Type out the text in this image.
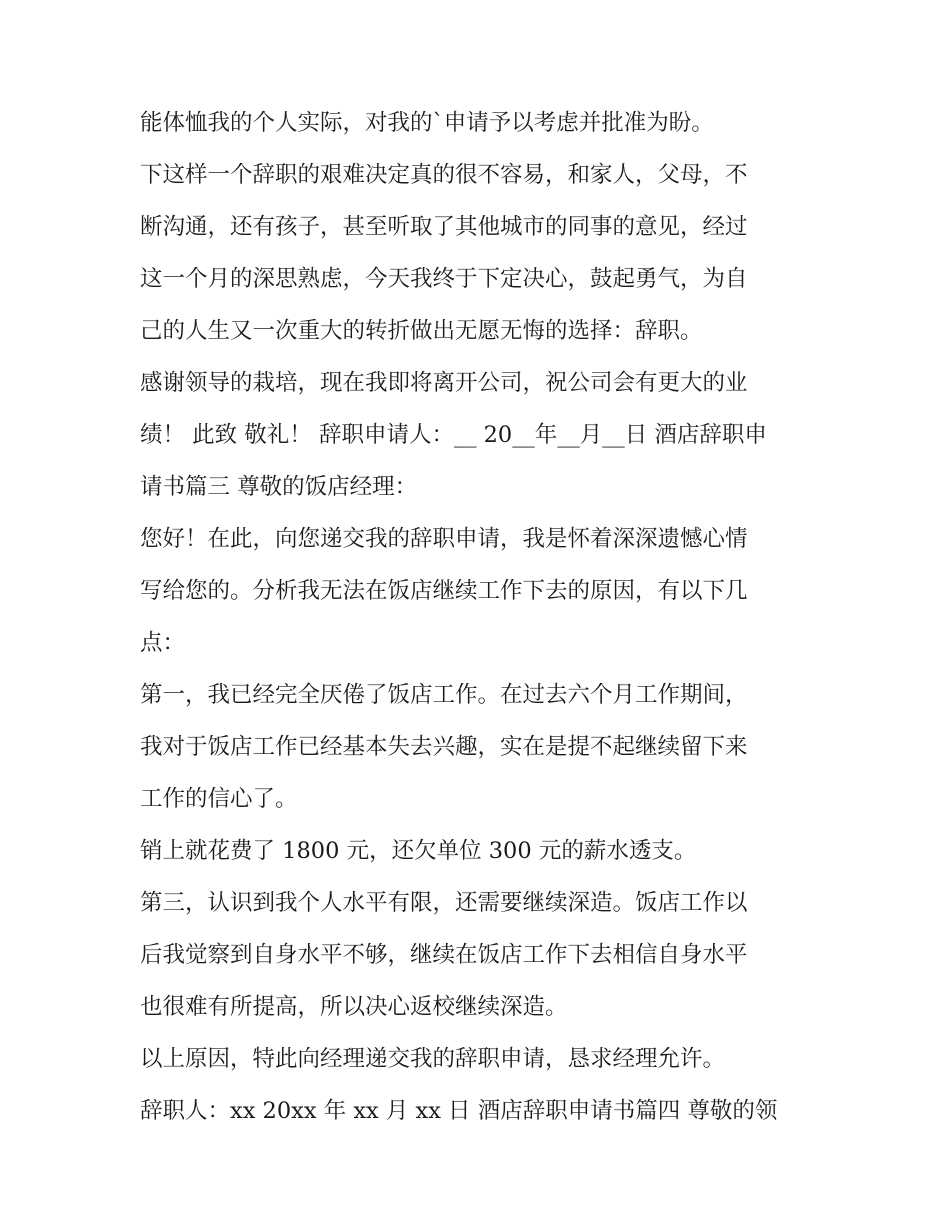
能体恤我的个人实际，对我的`申请予以考虑并批准为盼。
下这样一个辞职的艰难决定真的很不容易，和家人，父母，不
断沟通，还有孩子，甚至听取了其他城市的同事的意见，经过
这一个月的深思熟虑，今天我终于下定决心，鼓起勇气，为自
己的人生又一次重大的转折做出无愿无悔的选择：辞职。
感谢领导的栽培，现在我即将离开公司，祝公司会有更大的业
绩！ 此致 敬礼！ 辞职申请人：__ 20__年__月__日 酒店辞职申
请书篇三 尊敬的饭店经理：
您好！在此，向您递交我的辞职申请，我是怀着深深遗憾心情
写给您的。分析我无法在饭店继续工作下去的原因，有以下几
点：
第一，我已经完全厌倦了饭店工作。在过去六个月工作期间，
我对于饭店工作已经基本失去兴趣，实在是提不起继续留下来
工作的信心了。
销上就花费了 1800 元，还欠单位 300 元的薪水透支。
第三，认识到我个人水平有限，还需要继续深造。饭店工作以
后我觉察到自身水平不够，继续在饭店工作下去相信自身水平
也很难有所提高，所以决心返校继续深造。
以上原因，特此向经理递交我的辞职申请，恳求经理允许。
辞职人：xx 20xx 年 xx 月 xx 日 酒店辞职申请书篇四 尊敬的领
